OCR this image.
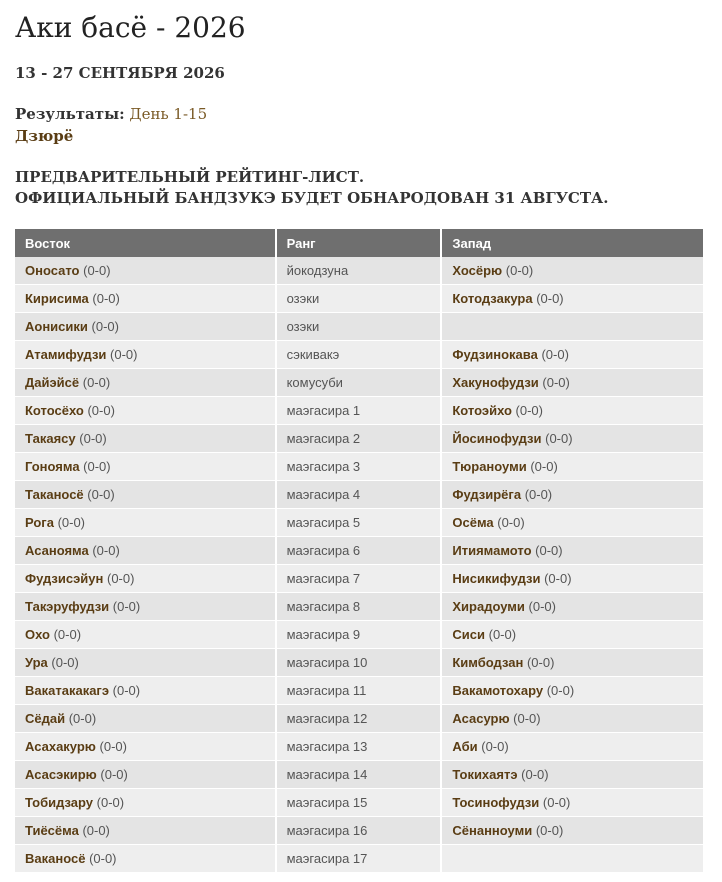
Аки басё - 2026
13 - 27 СЕНТЯБРЯ 2026
Результаты: День 1-15
Дзюрё
ПРЕДВАРИТЕЛЬНЫЙ РЕЙТИНГ-ЛИСТ.
ОФИЦИАЛЬНЫЙ БАНДЗУКЭ БУДЕТ ОБНАРОДОВАН 31 АВГУСТА.
Восток	Ранг	Запад
Оносато (0-0)	йокодзуна	Хосёрю (0-0)
Кирисима (0-0)	озэки	Котодзакура (0-0)
Аонисики (0-0)	озэки	
Атамифудзи (0-0)	сэкивакэ	Фудзинокава (0-0)
Дайэйсё (0-0)	комусуби	Хакунофудзи (0-0)
Котосёхо (0-0)	маэгасира 1	Котоэйхо (0-0)
Такаясу (0-0)	маэгасира 2	Йосинофудзи (0-0)
Гонояма (0-0)	маэгасира 3	Тюраноуми (0-0)
Таканосё (0-0)	маэгасира 4	Фудзирёга (0-0)
Рога (0-0)	маэгасира 5	Осёма (0-0)
Асанояма (0-0)	маэгасира 6	Итиямамото (0-0)
Фудзисэйун (0-0)	маэгасира 7	Нисикифудзи (0-0)
Такэруфудзи (0-0)	маэгасира 8	Хирадоуми (0-0)
Охо (0-0)	маэгасира 9	Сиси (0-0)
Ура (0-0)	маэгасира 10	Кимбодзан (0-0)
Вакатакакагэ (0-0)	маэгасира 11	Вакамотохару (0-0)
Сёдай (0-0)	маэгасира 12	Асасурю (0-0)
Асахакурю (0-0)	маэгасира 13	Аби (0-0)
Асасэкирю (0-0)	маэгасира 14	Токихаятэ (0-0)
Тобидзару (0-0)	маэгасира 15	Тосинофудзи (0-0)
Тиёсёма (0-0)	маэгасира 16	Сёнанноуми (0-0)
Ваканосё (0-0)	маэгасира 17	
